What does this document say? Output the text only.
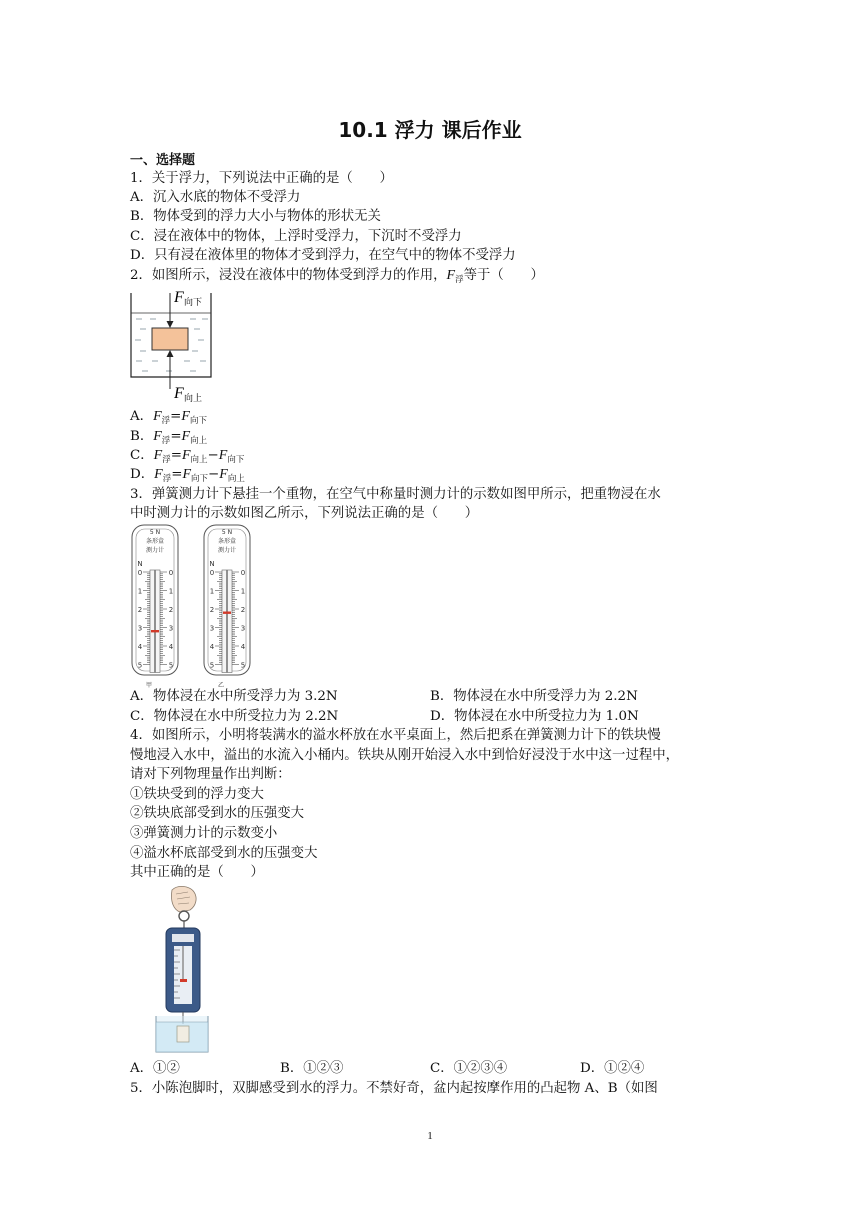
10.1 浮力 课后作业
一、选择题
1．关于浮力，下列说法中正确的是（　　）
A．沉入水底的物体不受浮力
B．物体受到的浮力大小与物体的形状无关
C．浸在液体中的物体，上浮时受浮力，下沉时不受浮力
D．只有浸在液体里的物体才受到浮力，在空气中的物体不受浮力
2．如图所示，浸没在液体中的物体受到浮力的作用，$F_浮$等于（　　）
F 向下
F 向上
A．$F_浮=F_{向下}$
B．$F_浮=F_{向上}$
C．$F_浮=F_{向上}-F_{向下}$
D．$F_浮=F_{向下}-F_{向上}$
3．弹簧测力计下悬挂一个重物，在空气中称量时测力计的示数如图甲所示，把重物浸在水
中时测力计的示数如图乙所示，下列说法正确的是（　　）
5 N
条形盒
测力计
N
0	0
1	1
2	2
3	3
4	4
5	5
甲
5 N
条形盒
测力计
N
0	0
1	1
2	2
3	3
4	4
5	5
乙
A．物体浸在水中所受浮力为 3.2N	B．物体浸在水中所受浮力为 2.2N
C．物体浸在水中所受拉力为 2.2N	D．物体浸在水中所受拉力为 1.0N
4．如图所示，小明将装满水的溢水杯放在水平桌面上，然后把系在弹簧测力计下的铁块慢
慢地浸入水中，溢出的水流入小桶内。铁块从刚开始浸入水中到恰好浸没于水中这一过程中，
请对下列物理量作出判断：
①铁块受到的浮力变大
②铁块底部受到水的压强变大
③弹簧测力计的示数变小
④溢水杯底部受到水的压强变大
其中正确的是（　　）
A．①②	B．①②③	C．①②③④	D．①②④
5．小陈泡脚时，双脚感受到水的浮力。不禁好奇，盆内起按摩作用的凸起物 A、B（如图
1
